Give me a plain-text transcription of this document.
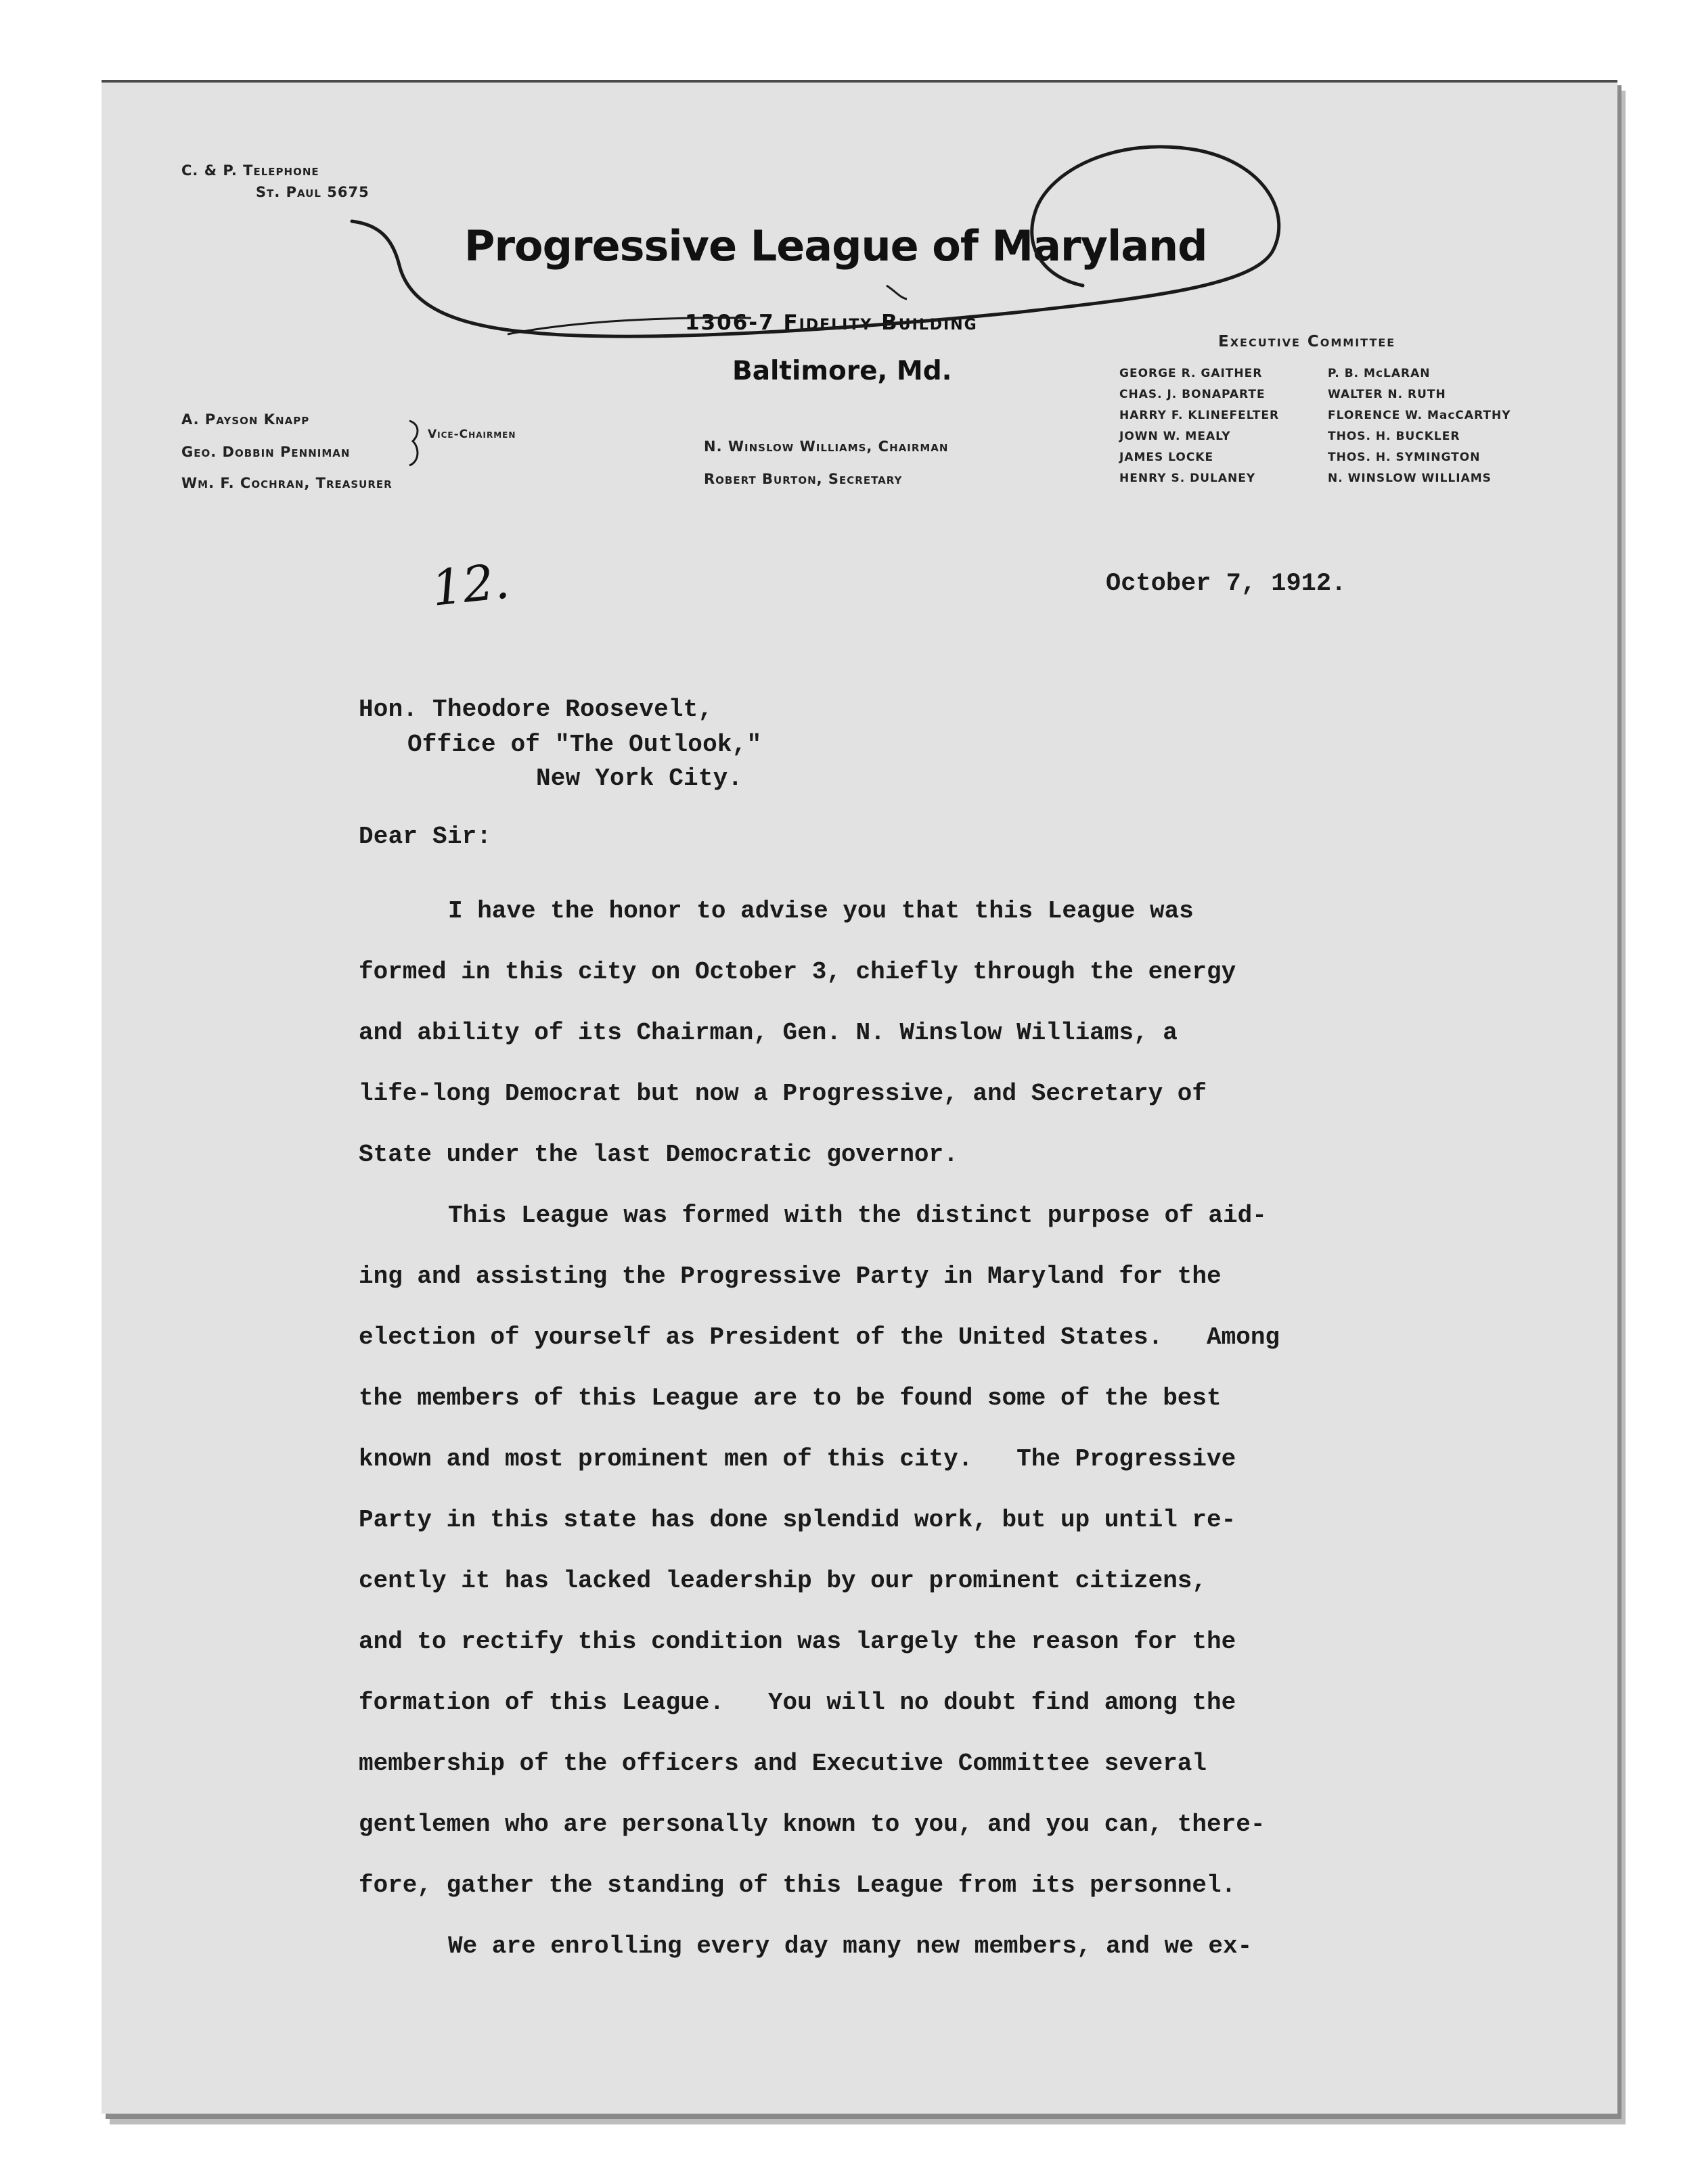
C. & P. Telephone
St. Paul 5675
Progressive League of Maryland
1306-7 Fidelity Building
Baltimore, Md.
A. Payson Knapp
Geo. Dobbin Penniman
Vice-Chairmen
Wm. F. Cochran, Treasurer
N. Winslow Williams, Chairman
Robert Burton, Secretary
Executive Committee
GEORGE R. GAITHER
CHAS. J. BONAPARTE
HARRY F. KLINEFELTER
JOWN W. MEALY
JAMES LOCKE
HENRY S. DULANEY
P. B. McLARAN
WALTER N. RUTH
FLORENCE W. MacCARTHY
THOS. H. BUCKLER
THOS. H. SYMINGTON
N. WINSLOW WILLIAMS
12.	October 7, 1912.
Hon. Theodore Roosevelt,
Office of "The Outlook,"
New York City.
Dear Sir:
I have the honor to advise you that this League was
formed in this city on October 3, chiefly through the energy
and ability of its Chairman, Gen. N. Winslow Williams, a
life-long Democrat but now a Progressive, and Secretary of
State under the last Democratic governor.
This League was formed with the distinct purpose of aid-
ing and assisting the Progressive Party in Maryland for the
election of yourself as President of the United States.   Among
the members of this League are to be found some of the best
known and most prominent men of this city.   The Progressive
Party in this state has done splendid work, but up until re-
cently it has lacked leadership by our prominent citizens,
and to rectify this condition was largely the reason for the
formation of this League.   You will no doubt find among the
membership of the officers and Executive Committee several
gentlemen who are personally known to you, and you can, there-
fore, gather the standing of this League from its personnel.
We are enrolling every day many new members, and we ex-
